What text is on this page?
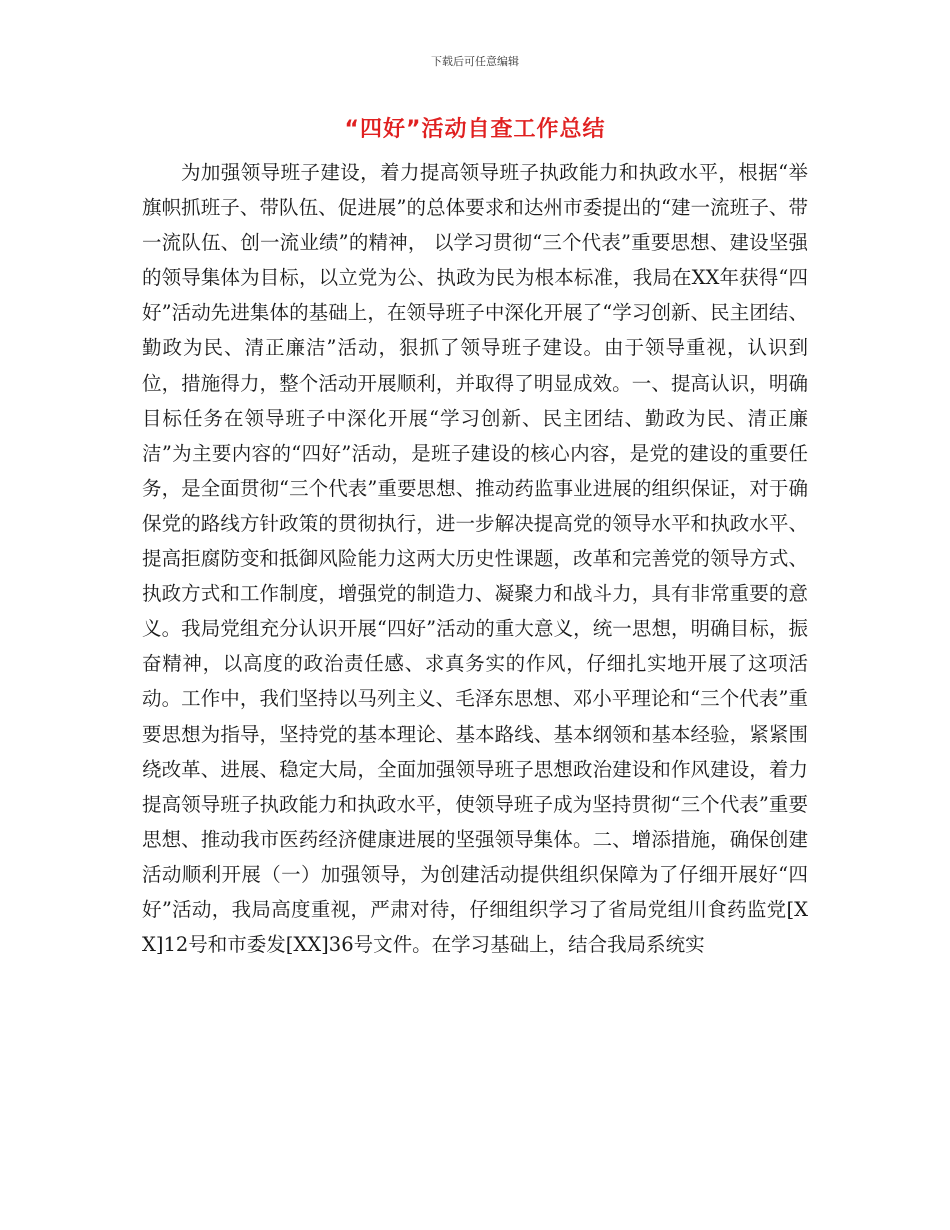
下载后可任意编辑
“四好”活动自查工作总结

为加强领导班子建设，着力提高领导班子执政能力和执政水平，根据“举旗帜抓班子、带队伍、促进展”的总体要求和达州市委提出的“建一流班子、带一流队伍、创一流业绩”的精神， 以学习贯彻“三个代表”重要思想、建设坚强的领导集体为目标，以立党为公、执政为民为根本标准，我局在XX年获得“四好”活动先进集体的基础上，在领导班子中深化开展了“学习创新、民主团结、勤政为民、清正廉洁”活动，狠抓了领导班子建设。由于领导重视，认识到位，措施得力，整个活动开展顺利，并取得了明显成效。一、提高认识，明确目标任务在领导班子中深化开展“学习创新、民主团结、勤政为民、清正廉洁”为主要内容的“四好”活动，是班子建设的核心内容，是党的建设的重要任务，是全面贯彻“三个代表”重要思想、推动药监事业进展的组织保证，对于确保党的路线方针政策的贯彻执行，进一步解决提高党的领导水平和执政水平、提高拒腐防变和抵御风险能力这两大历史性课题，改革和完善党的领导方式、执政方式和工作制度，增强党的制造力、凝聚力和战斗力，具有非常重要的意义。我局党组充分认识开展“四好”活动的重大意义，统一思想，明确目标，振奋精神，以高度的政治责任感、求真务实的作风，仔细扎实地开展了这项活动。工作中，我们坚持以马列主义、毛泽东思想、邓小平理论和“三个代表”重要思想为指导，坚持党的基本理论、基本路线、基本纲领和基本经验，紧紧围绕改革、进展、稳定大局，全面加强领导班子思想政治建设和作风建设，着力提高领导班子执政能力和执政水平，使领导班子成为坚持贯彻“三个代表”重要思想、推动我市医药经济健康进展的坚强领导集体。二、增添措施，确保创建活动顺利开展（一）加强领导，为创建活动提供组织保障为了仔细开展好“四好”活动，我局高度重视，严肃对待，仔细组织学习了省局党组川食药监党[XX]12号和市委发[XX]36号文件。在学习基础上，结合我局系统实
